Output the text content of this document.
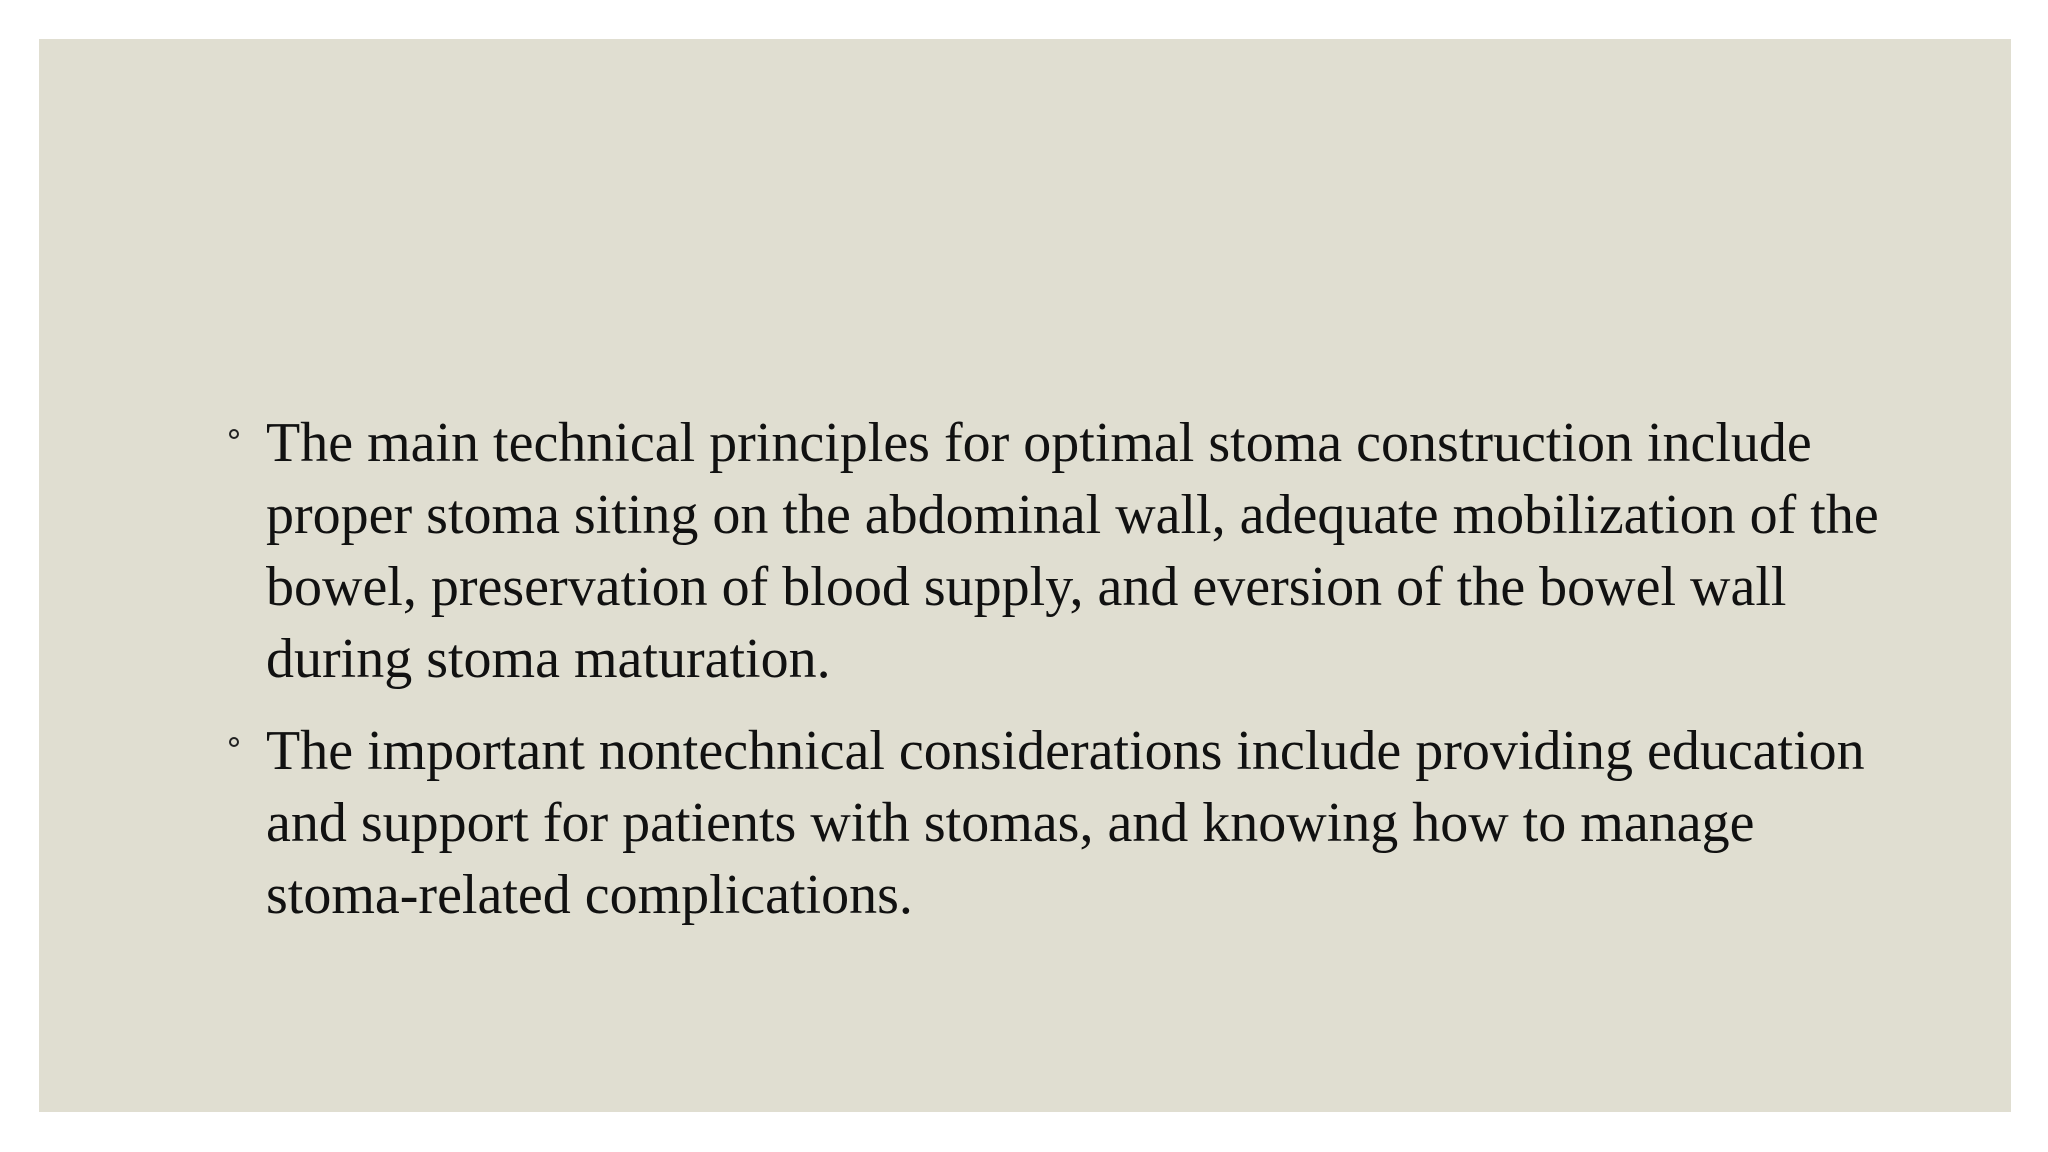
The main technical principles for optimal stoma construction include proper stoma siting on the abdominal wall, adequate mobilization of the bowel, preservation of blood supply, and eversion of the bowel wall during stoma maturation.
The important nontechnical considerations include providing education and support for patients with stomas, and knowing how to manage stoma-related complications.
